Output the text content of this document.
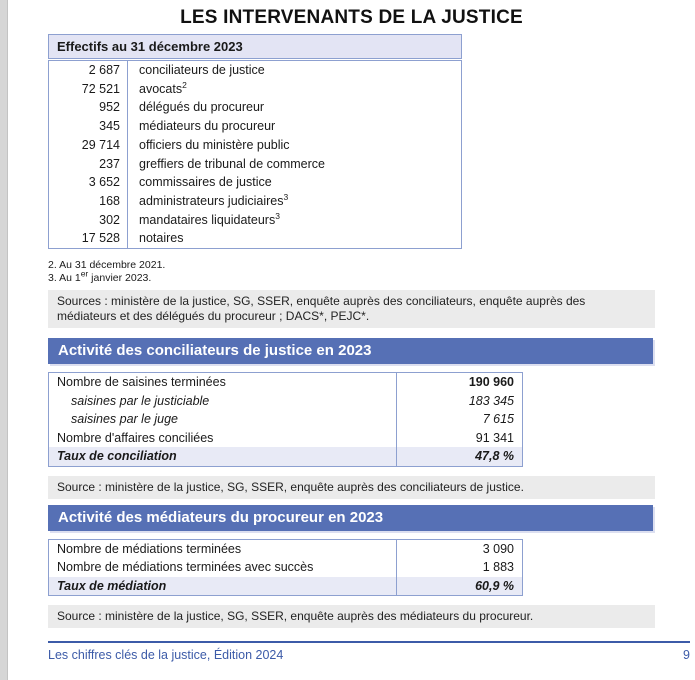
LES INTERVENANTS DE LA JUSTICE
Effectifs au 31 décembre 2023
2 687	conciliateurs de justice
72 521	avocats$^2$
952	délégués du procureur
345	médiateurs du procureur
29 714	officiers du ministère public
237	greffiers de tribunal de commerce
3 652	commissaires de justice
168	administrateurs judiciaires$^3$
302	mandataires liquidateurs$^3$
17 528	notaires
2. Au 31 décembre 2021.
3. Au 1er janvier 2023.
Sources : ministère de la justice, SG, SSER, enquête auprès des conciliateurs, enquête auprès des médiateurs et des délégués du procureur ; DACS*, PEJC*.
Activité des conciliateurs de justice en 2023
Nombre de saisines terminées	190 960
saisines par le justiciable	183 345
saisines par le juge	7 615
Nombre d'affaires conciliées	91 341
Taux de conciliation	47,8 %
Source : ministère de la justice, SG, SSER, enquête auprès des conciliateurs de justice.
Activité des médiateurs du procureur en 2023
Nombre de médiations terminées	3 090
Nombre de médiations terminées avec succès	1 883
Taux de médiation	60,9 %
Source : ministère de la justice, SG, SSER, enquête auprès des médiateurs du procureur.
Les chiffres clés de la justice, Édition 2024	9
